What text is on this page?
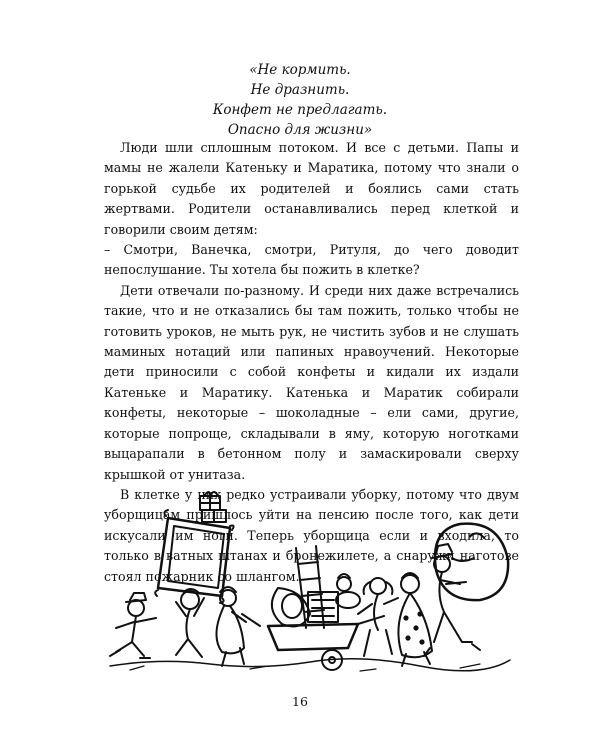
«Не кормить.
Не дразнить.
Конфет не предлагать.
Опасно для жизни»

Люди шли сплошным потоком. И все с детьми. Папы и мамы не жалели Катеньку и Маратика, потому что знали о горькой судьбе их родителей и боялись сами стать жертвами. Родители останавливались перед клеткой и говорили своим детям:

– Смотри, Ванечка, смотри, Ритуля, до чего доводит непослушание. Ты хотела бы пожить в клетке?

Дети отвечали по-разному. И среди них даже встречались такие, что и не отказались бы там пожить, только чтобы не готовить уроков, не мыть рук, не чистить зубов и не слушать маминых нотаций или папиных нравоучений. Некоторые дети приносили с собой конфеты и кидали их издали Катеньке и Маратику. Катенька и Маратик собирали конфеты, некоторые – шоколадные – ели сами, другие, которые попроще, складывали в яму, которую ноготками выцарапали в бетонном полу и замаскировали сверху крышкой от унитаза.

В клетке у них редко устраивали уборку, потому что двум уборщицам пришлось уйти на пенсию после того, как дети искусали им ноги. Теперь уборщица если и входила, то только в ватных штанах и бронежилете, а снаружи наготове стоял пожарник со шлангом.

16
